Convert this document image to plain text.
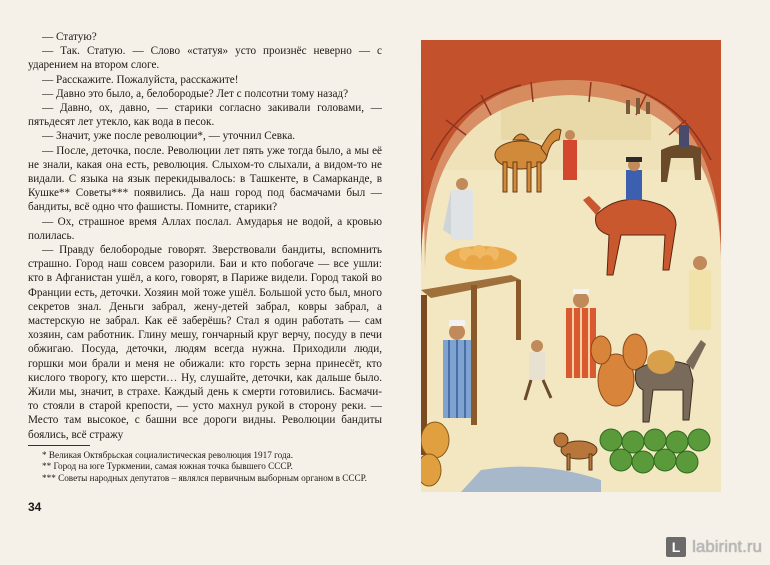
— Статую?

— Так. Статую. — Слово «статуя» усто произнёс неверно — с ударением на втором слоге.

— Расскажите. Пожалуйста, расскажите!

— Давно это было, а, белобородые? Лет с полсотни тому назад?

— Давно, ох, давно, — старики согласно закивали головами, — пятьдесят лет утекло, как вода в песок.

— Значит, уже после революции*, — уточнил Севка.

— После, деточка, после. Революции лет пять уже тогда было, а мы её не знали, какая она есть, революция. Слыхом-то слыхали, а видом-то не видали. С языка на язык перекидывалось: в Ташкенте, в Самарканде, в Кушке** Советы*** появились. Да наш город под басмачами был — бандиты, всё одно что фашисты. Помните, старики?

— Ох, страшное время Аллах послал. Амударья не водой, а кровью полилась.

— Правду белобородые говорят. Зверствовали бандиты, вспомнить страшно. Город наш совсем разорили. Баи и кто побогаче — все ушли: кто в Афганистан ушёл, а кого, говорят, в Париже видели. Город такой во Франции есть, деточки. Хозяин мой тоже ушёл. Большой усто был, много секретов знал. Деньги забрал, жену-детей забрал, ковры забрал, а мастерскую не забрал. Как её заберёшь? Стал я один работать — сам хозяин, сам работник. Глину мешу, гончарный круг верчу, посуду в печи обжигаю. Посуда, деточки, людям всегда нужна. Приходили люди, горшки мои брали и меня не обижали: кто горсть зерна принесёт, кто кислого творогу, кто шерсти… Ну, слушайте, деточки, как дальше было. Жили мы, значит, в страхе. Каждый день к смерти готовились. Басмачи-то стояли в старой крепости, — усто махнул рукой в сторону реки. — Место там высокое, с башни все дороги видны. Революции бандиты боялись, всё стражу

* Великая Октябрьская социалистическая революция 1917 года.

** Город на юге Туркмении, самая южная точка бывшего СССР.

*** Советы народных депутатов – являлся первичным выборным органом в СССР.

34
L labirint.ru
